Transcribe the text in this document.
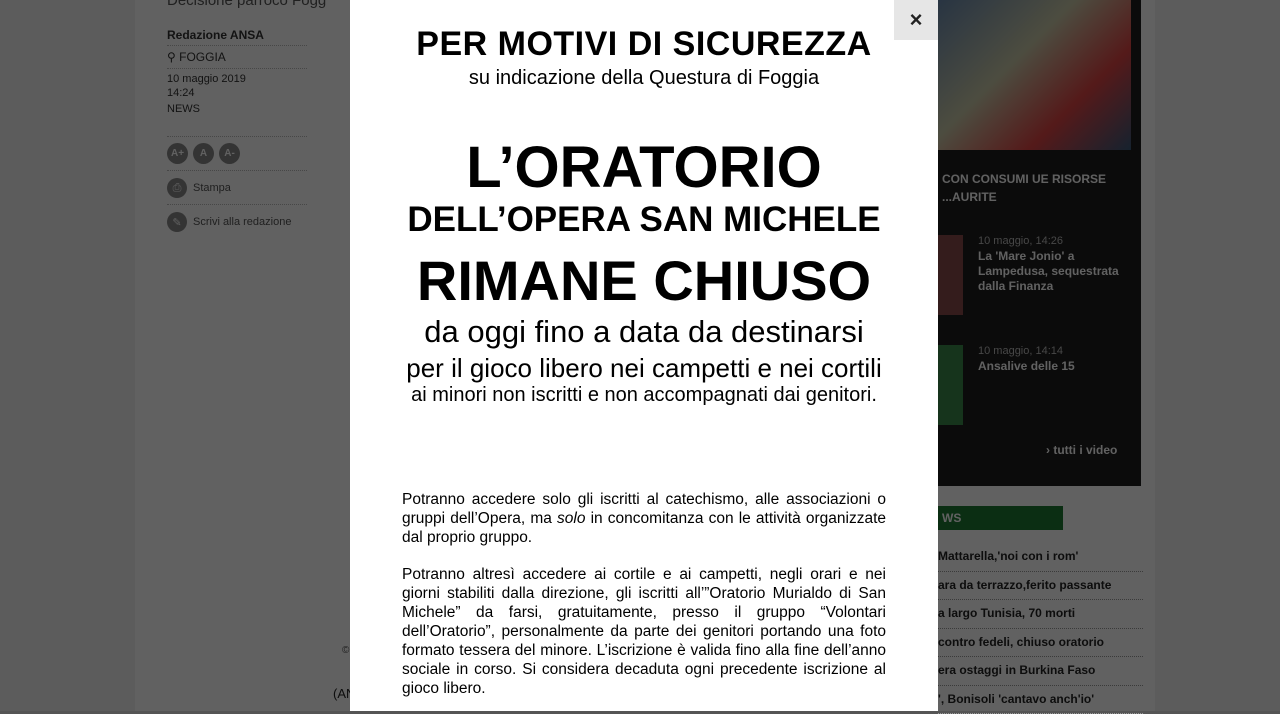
PER MOTIVI DI SICUREZZA
su indicazione della Questura di Foggia
L’ORATORIO
DELL’OPERA SAN MICHELE
RIMANE CHIUSO
da oggi fino a data da destinarsi
per il gioco libero nei campetti e nei cortili
ai minori non iscritti e non accompagnati dai genitori.
Potranno accedere solo gli iscritti al catechismo, alle associazioni o gruppi dell’Opera, ma solo in concomitanza con le attività organizzate dal proprio gruppo.
Potranno altresì accedere ai cortile e ai campetti, negli orari e nei giorni stabiliti dalla direzione, gli iscritti all’”Oratorio Murialdo di San Michele” da farsi, gratuitamente, presso il gruppo “Volontari dell’Oratorio”, personalmente da parte dei genitori portando una foto formato tessera del minore. L’iscrizione è valida fino alla fine dell’anno sociale in corso. Si considera decaduta ogni precedente iscrizione al gioco libero.
×
